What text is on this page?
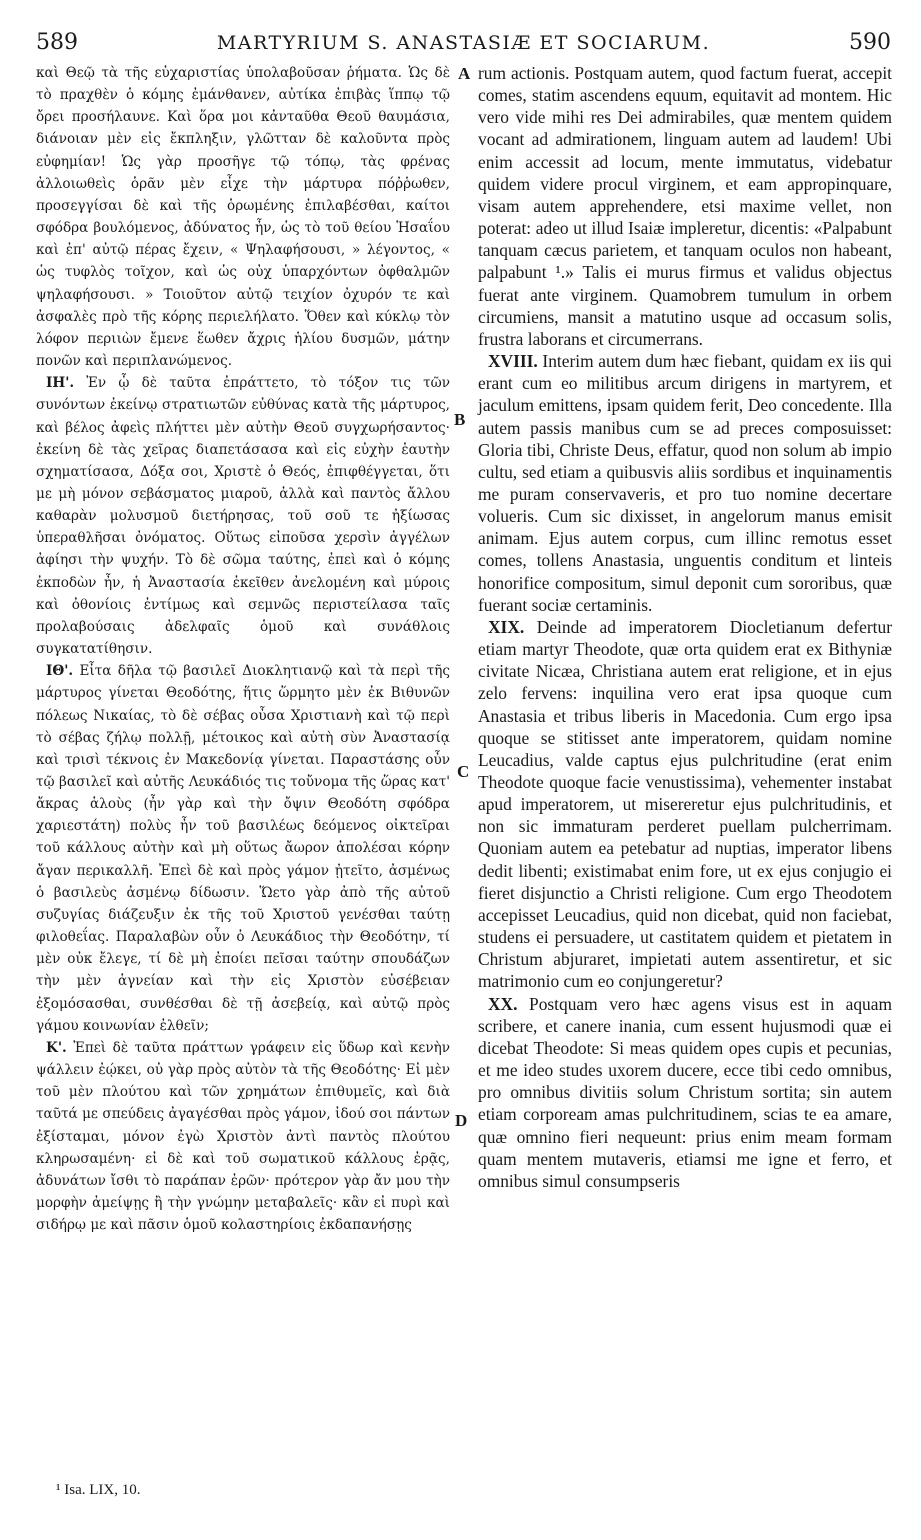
589	MARTYRIUM S. ANASTASIÆ ET SOCIARUM.	590

καὶ Θεῷ τὰ τῆς εὐχαριστίας ὑπολαβοῦσαν ῥήματα. Ὡς δὲ τὸ πραχθὲν ὁ κόμης ἐμάνθανεν, αὐτίκα ἐπιβὰς ἵππῳ τῷ ὄρει προσήλαυνε. Καὶ ὅρα μοι κἀνταῦθα Θεοῦ θαυμάσια, διάνοιαν μὲν εἰς ἔκπληξιν, γλῶτταν δὲ καλοῦντα πρὸς εὐφημίαν! Ὡς γὰρ προσῆγε τῷ τόπῳ, τὰς φρένας ἀλλοιωθεὶς ὁρᾶν μὲν εἶχε τὴν μάρτυρα πόῤῥωθεν, προσεγγίσαι δὲ καὶ τῆς ὁρωμένης ἐπιλαβέσθαι, καίτοι σφόδρα βουλόμενος, ἀδύνατος ἦν, ὡς τὸ τοῦ θείου Ἡσαΐου καὶ ἐπ' αὐτῷ πέρας ἔχειν, « Ψηλαφήσουσι, » λέγοντος, « ὡς τυφλὸς τοῖχον, καὶ ὡς οὐχ ὑπαρχόντων ὀφθαλμῶν ψηλαφήσουσι. » Τοιοῦτον αὐτῷ τειχίον ὀχυρόν τε καὶ ἀσφαλὲς πρὸ τῆς κόρης περιελήλατο. Ὅθεν καὶ κύκλῳ τὸν λόφον περιιὼν ἔμενε ἕωθεν ἄχρις ἡλίου δυσμῶν, μάτην πονῶν καὶ περιπλανώμενος.

ΙΗ'. Ἐν ᾧ δὲ ταῦτα ἐπράττετο, τὸ τόξον τις τῶν συνόντων ἐκείνῳ στρατιωτῶν εὐθύνας κατὰ τῆς μάρτυρος, καὶ βέλος ἀφεὶς πλήττει μὲν αὐτὴν Θεοῦ συγχωρήσαντος· ἐκείνη δὲ τὰς χεῖρας διαπετάσασα καὶ εἰς εὐχὴν ἑαυτὴν σχηματίσασα, Δόξα σοι, Χριστὲ ὁ Θεός, ἐπιφθέγγεται, ὅτι με μὴ μόνον σεβάσματος μιαροῦ, ἀλλὰ καὶ παντὸς ἄλλου καθαρὰν μολυσμοῦ διετήρησας, τοῦ σοῦ τε ἠξίωσας ὑπεραθλῆσαι ὀνόματος. Οὕτως εἰποῦσα χερσὶν ἀγγέλων ἀφίησι τὴν ψυχήν. Τὸ δὲ σῶμα ταύτης, ἐπεὶ καὶ ὁ κόμης ἐκποδὼν ἦν, ἡ Ἀναστασία ἐκεῖθεν ἀνελομένη καὶ μύροις καὶ ὀθονίοις ἐντίμως καὶ σεμνῶς περιστείλασα ταῖς προλαβούσαις ἀδελφαῖς ὁμοῦ καὶ συνάθλοις συγκατατίθησιν.

ΙΘ'. Εἶτα δῆλα τῷ βασιλεῖ Διοκλητιανῷ καὶ τὰ περὶ τῆς μάρτυρος γίνεται Θεοδότης, ἥτις ὥρμητο μὲν ἐκ Βιθυνῶν πόλεως Νικαίας, τὸ δὲ σέβας οὖσα Χριστιανὴ καὶ τῷ περὶ τὸ σέβας ζήλῳ πολλῇ, μέτοικος καὶ αὐτὴ σὺν Ἀναστασίᾳ καὶ τρισὶ τέκνοις ἐν Μακεδονίᾳ γίνεται. Παραστάσης οὖν τῷ βασιλεῖ καὶ αὐτῆς Λευκάδιός τις τοὔνομα τῆς ὥρας κατ' ἄκρας ἁλοὺς (ἦν γὰρ καὶ τὴν ὄψιν Θεοδότη σφόδρα χαριεστάτη) πολὺς ἦν τοῦ βασιλέως δεόμενος οἰκτεῖραι τοῦ κάλλους αὐτὴν καὶ μὴ οὕτως ἄωρον ἀπολέσαι κόρην ἄγαν περικαλλῆ. Ἐπεὶ δὲ καὶ πρὸς γάμον ᾐτεῖτο, ἀσμένως ὁ βασιλεὺς ἀσμένῳ δίδωσιν. Ὥετο γὰρ ἀπὸ τῆς αὐτοῦ συζυγίας διάζευξιν ἐκ τῆς τοῦ Χριστοῦ γενέσθαι ταύτῃ φιλοθεΐας. Παραλαβὼν οὖν ὁ Λευκάδιος τὴν Θεοδότην, τί μὲν οὐκ ἔλεγε, τί δὲ μὴ ἐποίει πεῖσαι ταύτην σπουδάζων τὴν μὲν ἁγνείαν καὶ τὴν εἰς Χριστὸν εὐσέβειαν ἐξομόσασθαι, συνθέσθαι δὲ τῇ ἀσεβείᾳ, καὶ αὐτῷ πρὸς γάμου κοινωνίαν ἐλθεῖν;

Κ'. Ἐπεὶ δὲ ταῦτα πράττων γράφειν εἰς ὕδωρ καὶ κενὴν ψάλλειν ἐῴκει, οὐ γὰρ πρὸς αὐτὸν τὰ τῆς Θεοδότης· Εἰ μὲν τοῦ μὲν πλούτου καὶ τῶν χρημάτων ἐπιθυμεῖς, καὶ διὰ ταῦτά με σπεύδεις ἀγαγέσθαι πρὸς γάμον, ἰδού σοι πάντων ἐξίσταμαι, μόνον ἐγὼ Χριστὸν ἀντὶ παντὸς πλούτου κληρωσαμένη· εἰ δὲ καὶ τοῦ σωματικοῦ κάλλους ἐρᾷς, ἀδυνάτων ἴσθι τὸ παράπαν ἐρῶν· πρότερον γὰρ ἄν μου τὴν μορφὴν ἀμείψῃς ἢ τὴν γνώμην μεταβαλεῖς· κἂν εἰ πυρὶ καὶ σιδήρῳ με καὶ πᾶσιν ὁμοῦ κολαστηρίοις ἐκδαπανήσῃς

A
B
C
D

rum actionis. Postquam autem, quod factum fuerat, accepit comes, statim ascendens equum, equitavit ad montem. Hic vero vide mihi res Dei admirabiles, quæ mentem quidem vocant ad admirationem, linguam autem ad laudem! Ubi enim accessit ad locum, mente immutatus, videbatur quidem videre procul virginem, et eam appropinquare, visam autem apprehendere, etsi maxime vellet, non poterat: adeo ut illud Isaiæ impleretur, dicentis: «Palpabunt tanquam cæcus parietem, et tanquam oculos non habeant, palpabunt ¹.» Talis ei murus firmus et validus objectus fuerat ante virginem. Quamobrem tumulum in orbem circumiens, mansit a matutino usque ad occasum solis, frustra laborans et circumerrans.

XVIII. Interim autem dum hæc fiebant, quidam ex iis qui erant cum eo militibus arcum dirigens in martyrem, et jaculum emittens, ipsam quidem ferit, Deo concedente. Illa autem passis manibus cum se ad preces composuisset: Gloria tibi, Christe Deus, effatur, quod non solum ab impio cultu, sed etiam a quibusvis aliis sordibus et inquinamentis me puram conservaveris, et pro tuo nomine decertare volueris. Cum sic dixisset, in angelorum manus emisit animam. Ejus autem corpus, cum illinc remotus esset comes, tollens Anastasia, unguentis conditum et linteis honorifice compositum, simul deponit cum sororibus, quæ fuerant sociæ certaminis.

XIX. Deinde ad imperatorem Diocletianum defertur etiam martyr Theodote, quæ orta quidem erat ex Bithyniæ civitate Nicæa, Christiana autem erat religione, et in ejus zelo fervens: inquilina vero erat ipsa quoque cum Anastasia et tribus liberis in Macedonia. Cum ergo ipsa quoque se stitisset ante imperatorem, quidam nomine Leucadius, valde captus ejus pulchritudine (erat enim Theodote quoque facie venustissima), vehementer instabat apud imperatorem, ut misereretur ejus pulchritudinis, et non sic immaturam perderet puellam pulcherrimam. Quoniam autem ea petebatur ad nuptias, imperator libens dedit libenti; existimabat enim fore, ut ex ejus conjugio ei fieret disjunctio a Christi religione. Cum ergo Theodotem accepisset Leucadius, quid non dicebat, quid non faciebat, studens ei persuadere, ut castitatem quidem et pietatem in Christum abjuraret, impietati autem assentiretur, et sic matrimonio cum eo conjungeretur?

XX. Postquam vero hæc agens visus est in aquam scribere, et canere inania, cum essent hujusmodi quæ ei dicebat Theodote: Si meas quidem opes cupis et pecunias, et me ideo studes uxorem ducere, ecce tibi cedo omnibus, pro omnibus divitiis solum Christum sortita; sin autem etiam corpoream amas pulchritudinem, scias te ea amare, quæ omnino fieri nequeunt: prius enim meam formam quam mentem mutaveris, etiamsi me igne et ferro, et omnibus simul consumpseris

¹ Isa. LIX, 10.
